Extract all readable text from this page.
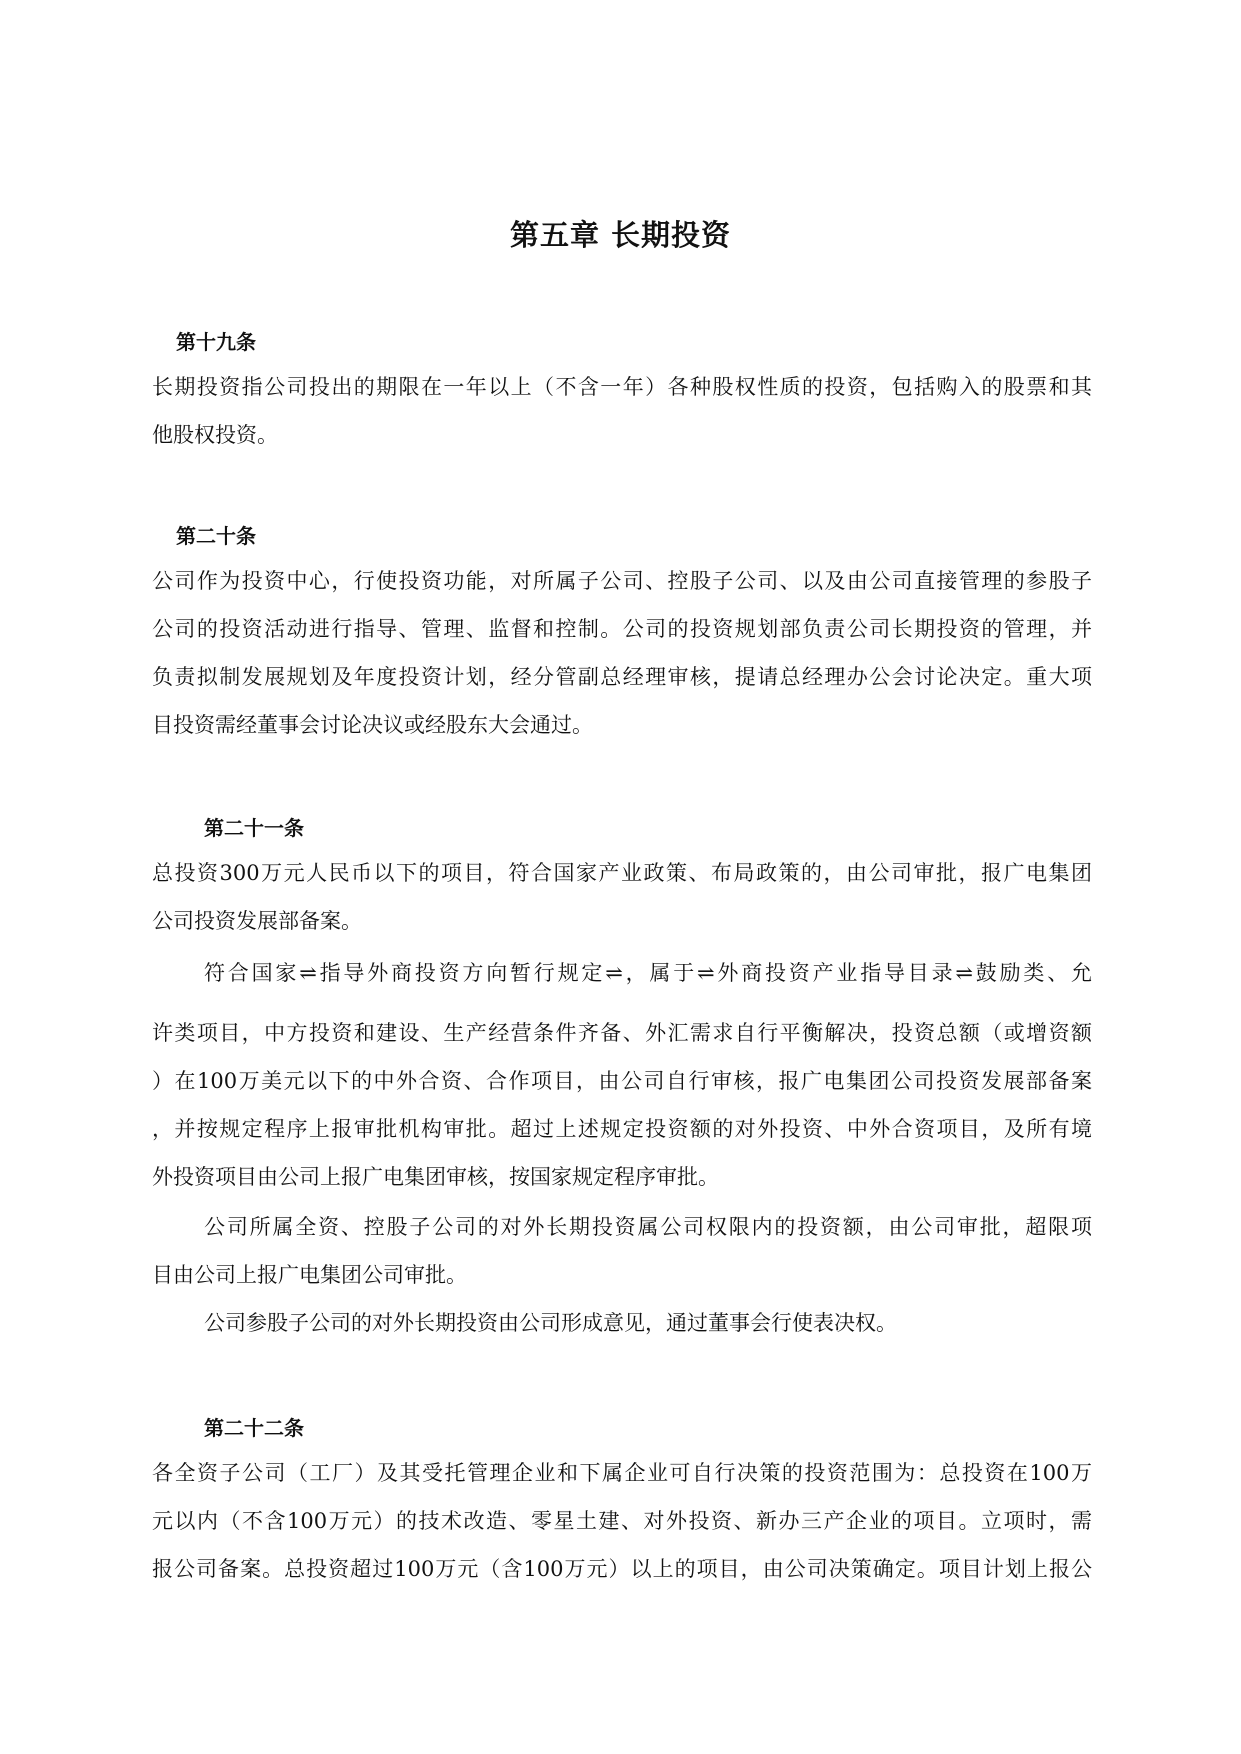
第五章 长期投资
第十九条

长期投资指公司投出的期限在一年以上（不含一年）各种股权性质的投资，包括购入的股票和其

他股权投资。

第二十条

公司作为投资中心，行使投资功能，对所属子公司、控股子公司、以及由公司直接管理的参股子

公司的投资活动进行指导、管理、监督和控制。公司的投资规划部负责公司长期投资的管理，并

负责拟制发展规划及年度投资计划，经分管副总经理审核，提请总经理办公会讨论决定。重大项

目投资需经董事会讨论决议或经股东大会通过。

第二十一条

总投资300万元人民币以下的项目，符合国家产业政策、布局政策的，由公司审批，报广电集团

公司投资发展部备案。

符合国家⇌指导外商投资方向暂行规定⇌，属于⇌外商投资产业指导目录⇌鼓励类、允

许类项目，中方投资和建设、生产经营条件齐备、外汇需求自行平衡解决，投资总额（或增资额

）在100万美元以下的中外合资、合作项目，由公司自行审核，报广电集团公司投资发展部备案

，并按规定程序上报审批机构审批。超过上述规定投资额的对外投资、中外合资项目，及所有境

外投资项目由公司上报广电集团审核，按国家规定程序审批。

公司所属全资、控股子公司的对外长期投资属公司权限内的投资额，由公司审批，超限项

目由公司上报广电集团公司审批。

公司参股子公司的对外长期投资由公司形成意见，通过董事会行使表决权。

第二十二条

各全资子公司（工厂）及其受托管理企业和下属企业可自行决策的投资范围为：总投资在100万

元以内（不含100万元）的技术改造、零星土建、对外投资、新办三产企业的项目。立项时，需

报公司备案。总投资超过100万元（含100万元）以上的项目，由公司决策确定。项目计划上报公
